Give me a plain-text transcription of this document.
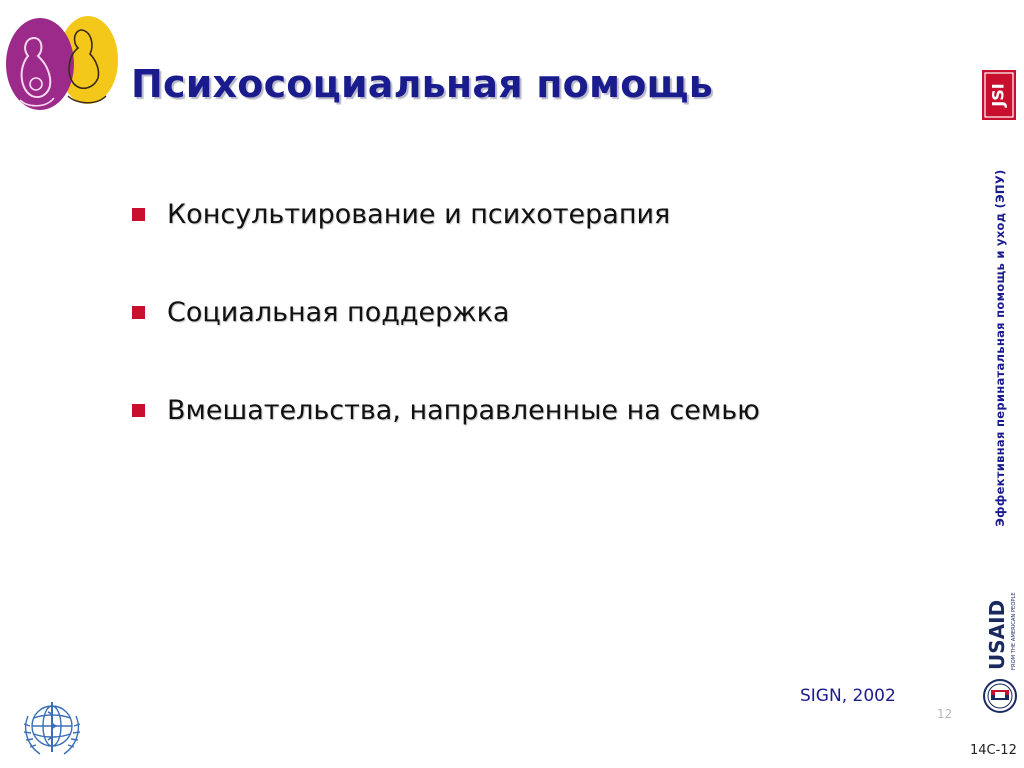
Психосоциальная помощь
Консультирование и психотерапия
Социальная поддержка
Вмешательства, направленные на семью
JSI
Эффективная перинатальная помощь и уход (ЭПУ)
USAID FROM THE AMERICAN PEOPLE
SIGN, 2002
12
14C-12
